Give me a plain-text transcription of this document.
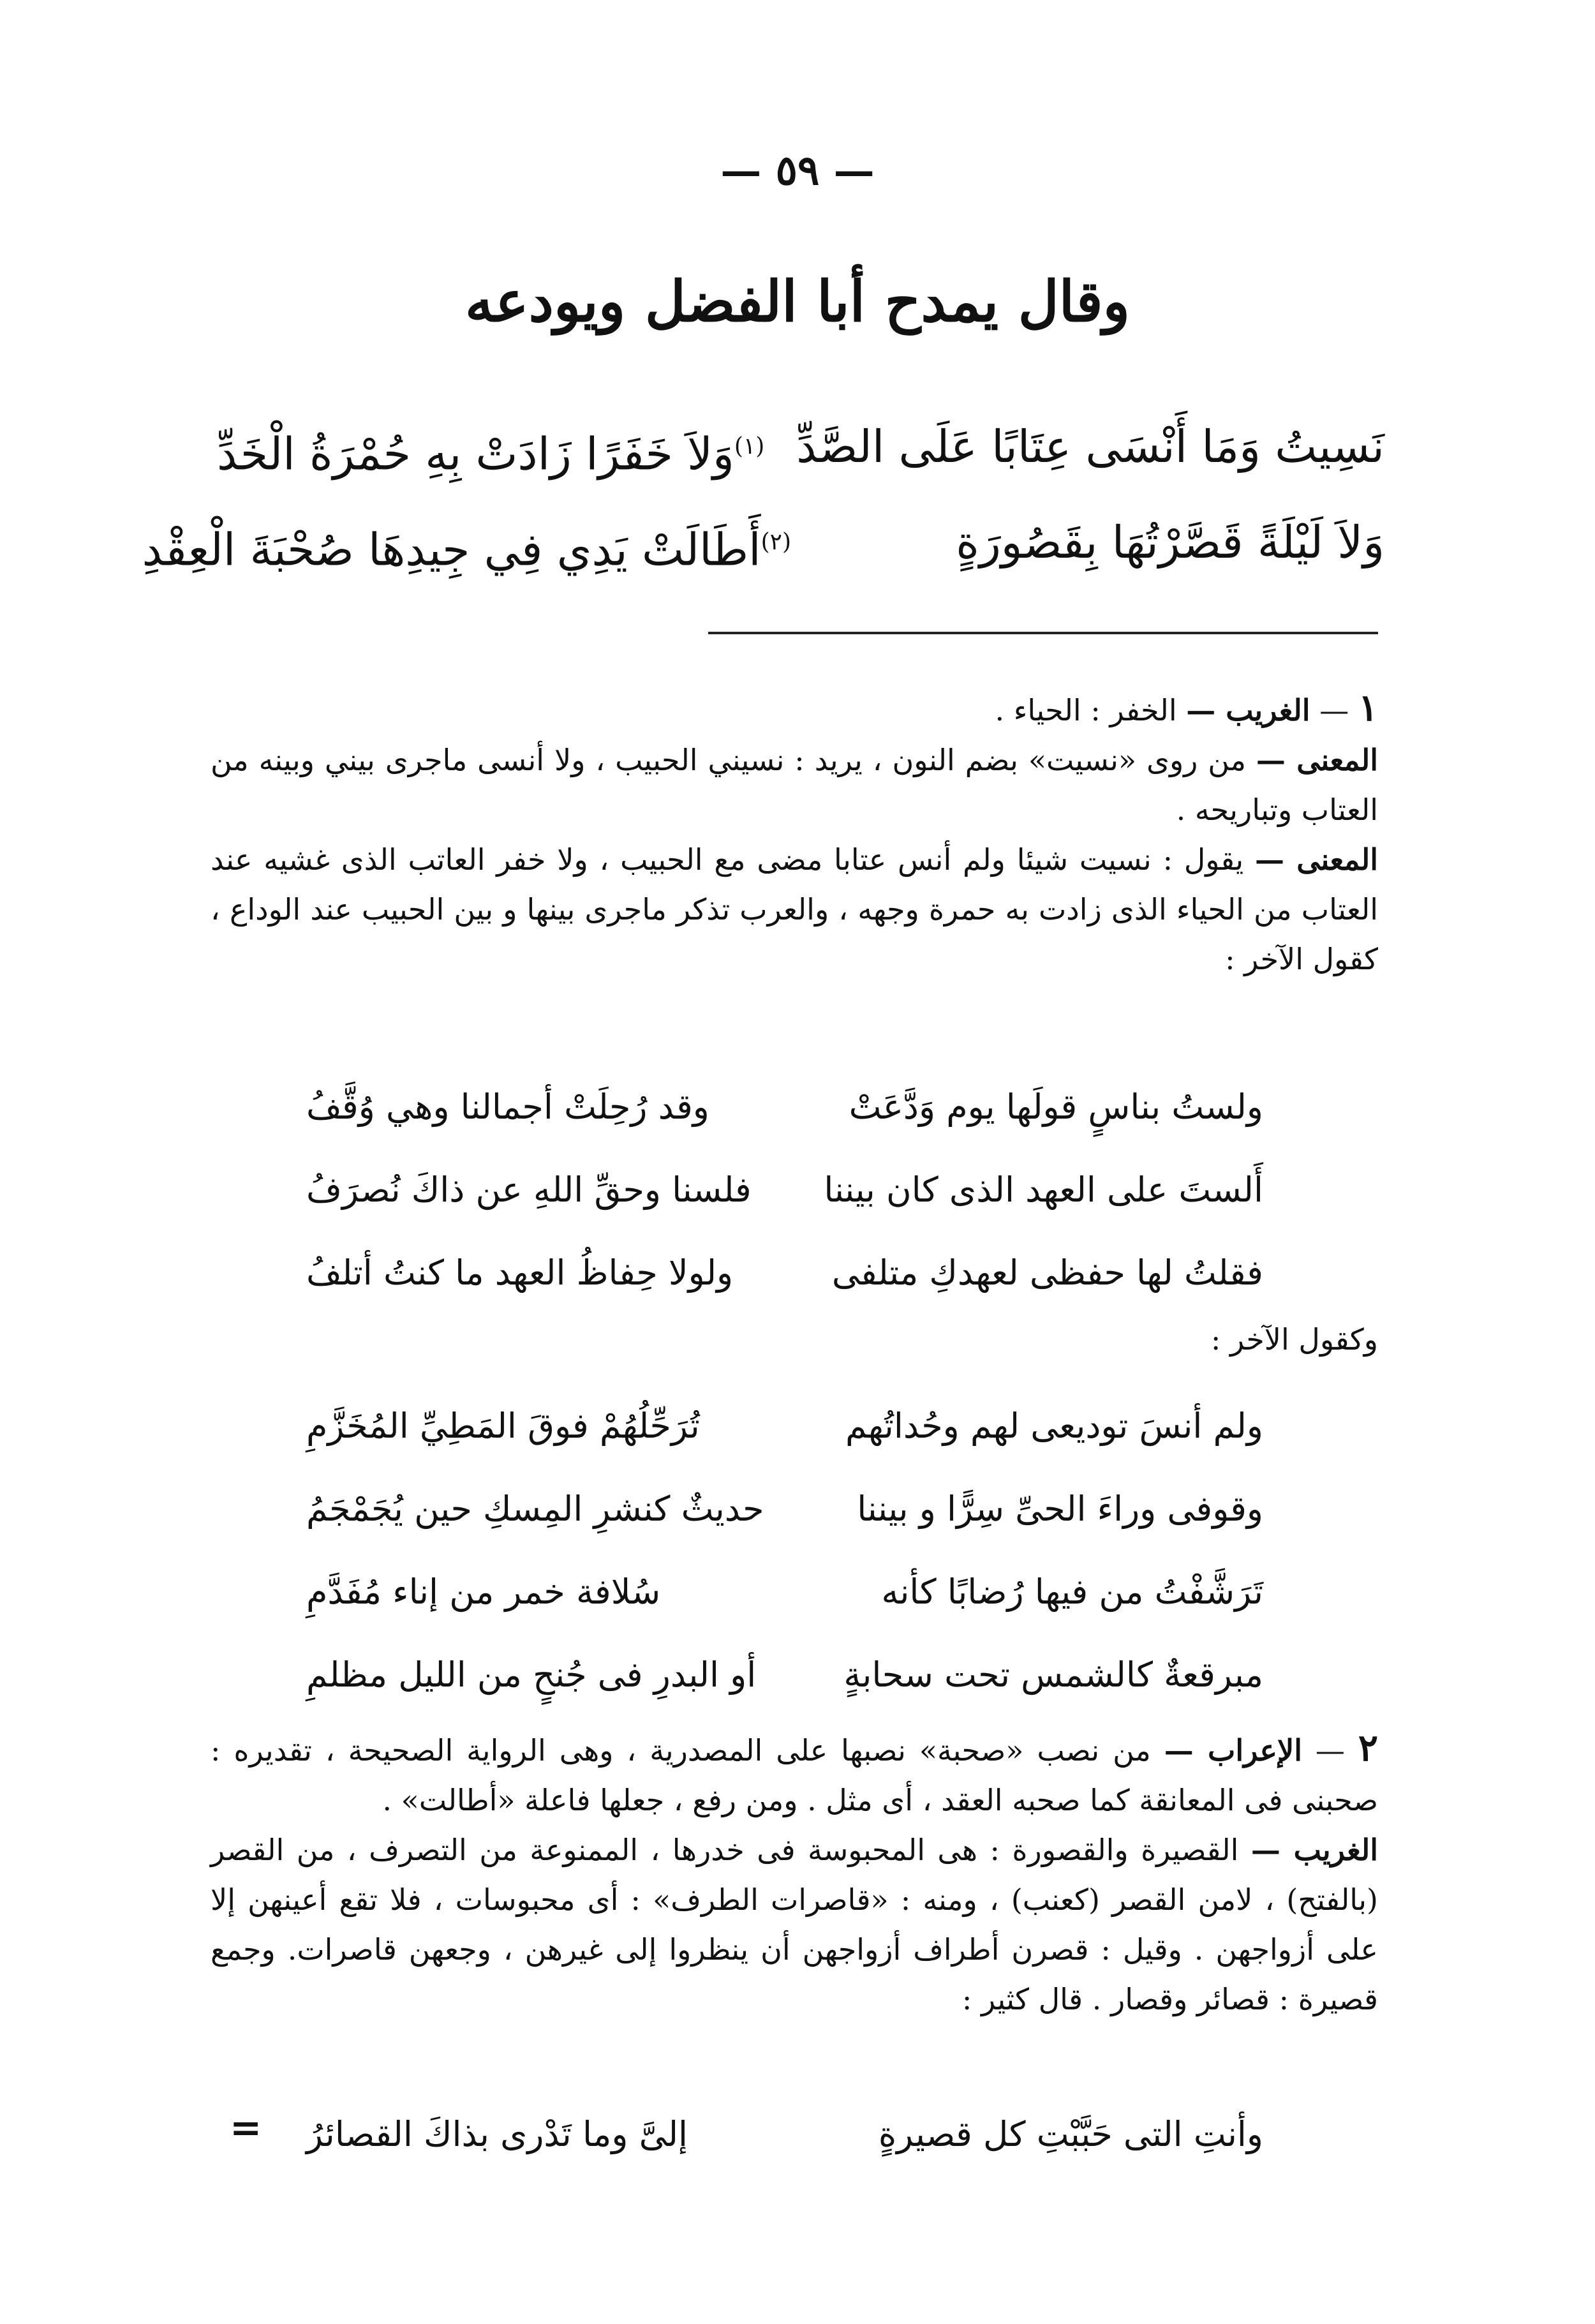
— ٥٩ —
وقال يمدح أبا الفضل ويودعه
نَسِيتُ وَمَا أَنْسَى عِتَابًا عَلَى الصَّدِّ
$^{(١)}$وَلاَ خَفَرًا زَادَتْ بِهِ حُمْرَةُ الْخَدِّ
وَلاَ لَيْلَةً قَصَّرْتُهَا بِقَصُورَةٍ
$^{(٢)}$أَطَالَتْ يَدِي فِي جِيدِهَا صُحْبَةَ الْعِقْدِ
١ — الغريب — الخفر : الحياء .
المعنى — من روى «نسيت» بضم النون ، يريد : نسيني الحبيب ، ولا أنسى ماجرى بيني وبينه من العتاب وتباريحه .
المعنى — يقول : نسيت شيئا ولم أنس عتابا مضى مع الحبيب ، ولا خفر العاتب الذى غشيه عند العتاب من الحياء الذى زادت به حمرة وجهه ، والعرب تذكر ماجرى بينها و بين الحبيب عند الوداع ، كقول الآخر :
ولستُ بناسٍ قولَها يوم وَدَّعَتْ
وقد رُحِلَتْ أجمالنا وهي وُقَّفُ
أَلستَ على العهد الذى كان بيننا
فلسنا وحقِّ اللهِ عن ذاكَ نُصرَفُ
فقلتُ لها حفظى لعهدكِ متلفى
ولولا حِفاظُ العهد ما كنتُ أتلفُ
وكقول الآخر :
ولم أنسَ توديعى لهم وحُداتُهم
تُرَحِّلُهُمْ فوقَ المَطِيِّ المُخَزَّمِ
وقوفى وراءَ الحىِّ سِرًّا و بيننا
حديثٌ كنشرِ المِسكِ حين يُجَمْجَمُ
تَرَشَّفْتُ من فيها رُضابًا كأنه
سُلافة خمر من إناء مُفَدَّمِ
مبرقعةٌ كالشمس تحت سحابةٍ
أو البدرِ فى جُنحٍ من الليل مظلمِ
٢ — الإعراب — من نصب «صحبة» نصبها على المصدرية ، وهى الرواية الصحيحة ، تقديره : صحبنى فى المعانقة كما صحبه العقد ، أى مثل . ومن رفع ، جعلها فاعلة «أطالت» .
الغريب — القصيرة والقصورة : هى المحبوسة فى خدرها ، الممنوعة من التصرف ، من القصر (بالفتح) ، لامن القصر (كعنب) ، ومنه : «قاصرات الطرف» : أى محبوسات ، فلا تقع أعينهن إلا على أزواجهن . وقيل : قصرن أطراف أزواجهن أن ينظروا إلى غيرهن ، وجعهن قاصرات. وجمع قصيرة : قصائر وقصار . قال كثير :
وأنتِ التى حَبَّبْتِ كل قصيرةٍ
إلىَّ وما تَدْرى بذاكَ القصائرُ
=
